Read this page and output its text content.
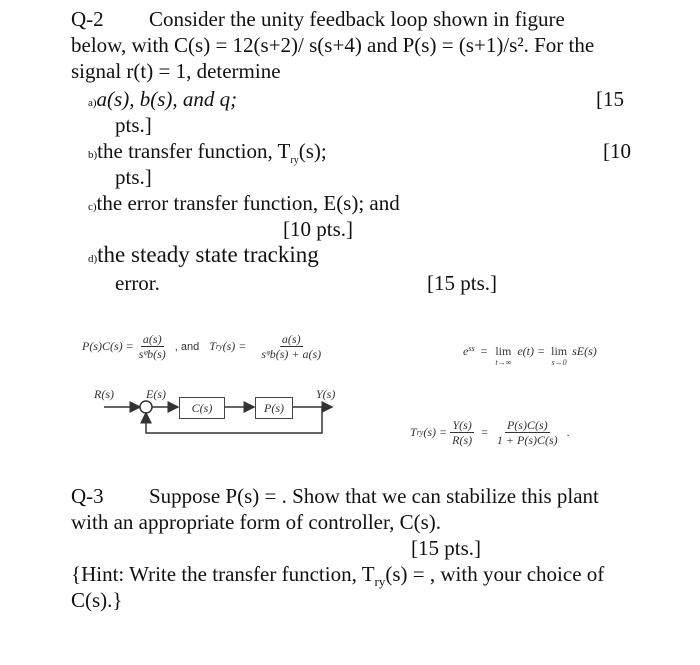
Q-2 Consider the unity feedback loop shown in figure
below, with C(s) = 12(s+2)/ s(s+4) and P(s) = (s+1)/s². For the
signal r(t) = 1, determine
a)a(s), b(s), and q;	[15
pts.]
b)the transfer function, $T_{ry}(s)$;	[10
pts.]
c)the error transfer function, E(s); and
[10 pts.]
d)the steady state tracking
error.	[15 pts.]
$P(s)C(s) = \frac{a(s)}{\text{sᵠb(s)}}$ , and T ry $(s) = \frac{a(s)}{\text{sᵠb(s) + a(s)}}$	$e^{ss} = \lim$
t→∞
e(t) = lim
s→0
sE(s)
R(s)	E(s)	Y(s)
C(s)	P(s)
T ry $(s) = \frac{Y(s)}{R(s)} = \frac{P(s)C(s)}{1 + P(s)C(s)}$ .
Q-3 Suppose P(s) = . Show that we can stabilize this plant
with an appropriate form of controller, C(s).
[15 pts.]
{Hint: Write the transfer function, $T_{ry}(s)$ = , with your choice of
C(s).}
